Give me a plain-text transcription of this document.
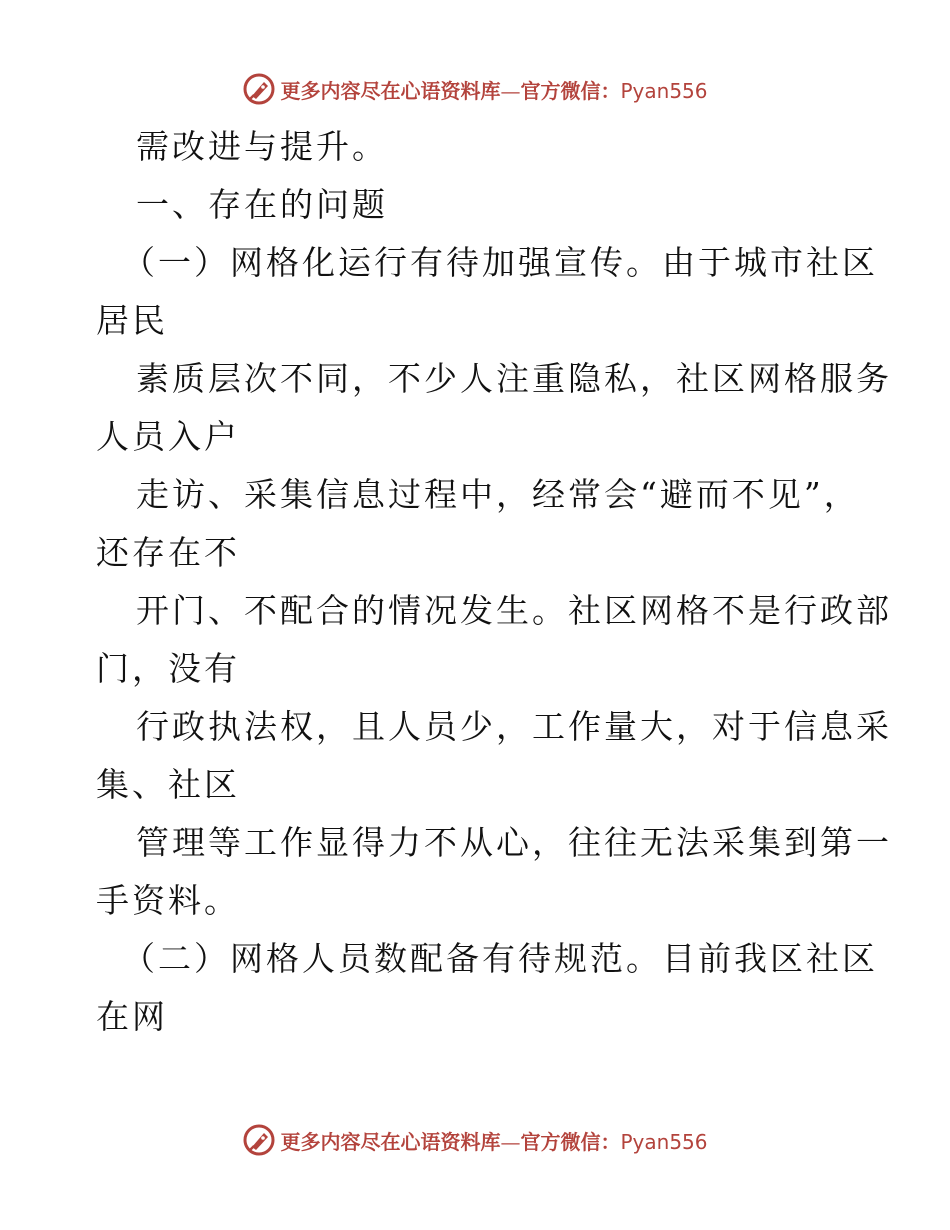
更多内容尽在心语资料库—官方微信：Pyan556
需改进与提升。
一、存在的问题
（一）网格化运行有待加强宣传。由于城市社区
居民
素质层次不同，不少人注重隐私，社区网格服务
人员入户
走访、采集信息过程中，经常会“避而不见”，
还存在不
开门、不配合的情况发生。社区网格不是行政部
门，没有
行政执法权，且人员少，工作量大，对于信息采
集、社区
管理等工作显得力不从心，往往无法采集到第一
手资料。
（二）网格人员数配备有待规范。目前我区社区
在网
更多内容尽在心语资料库—官方微信：Pyan556
